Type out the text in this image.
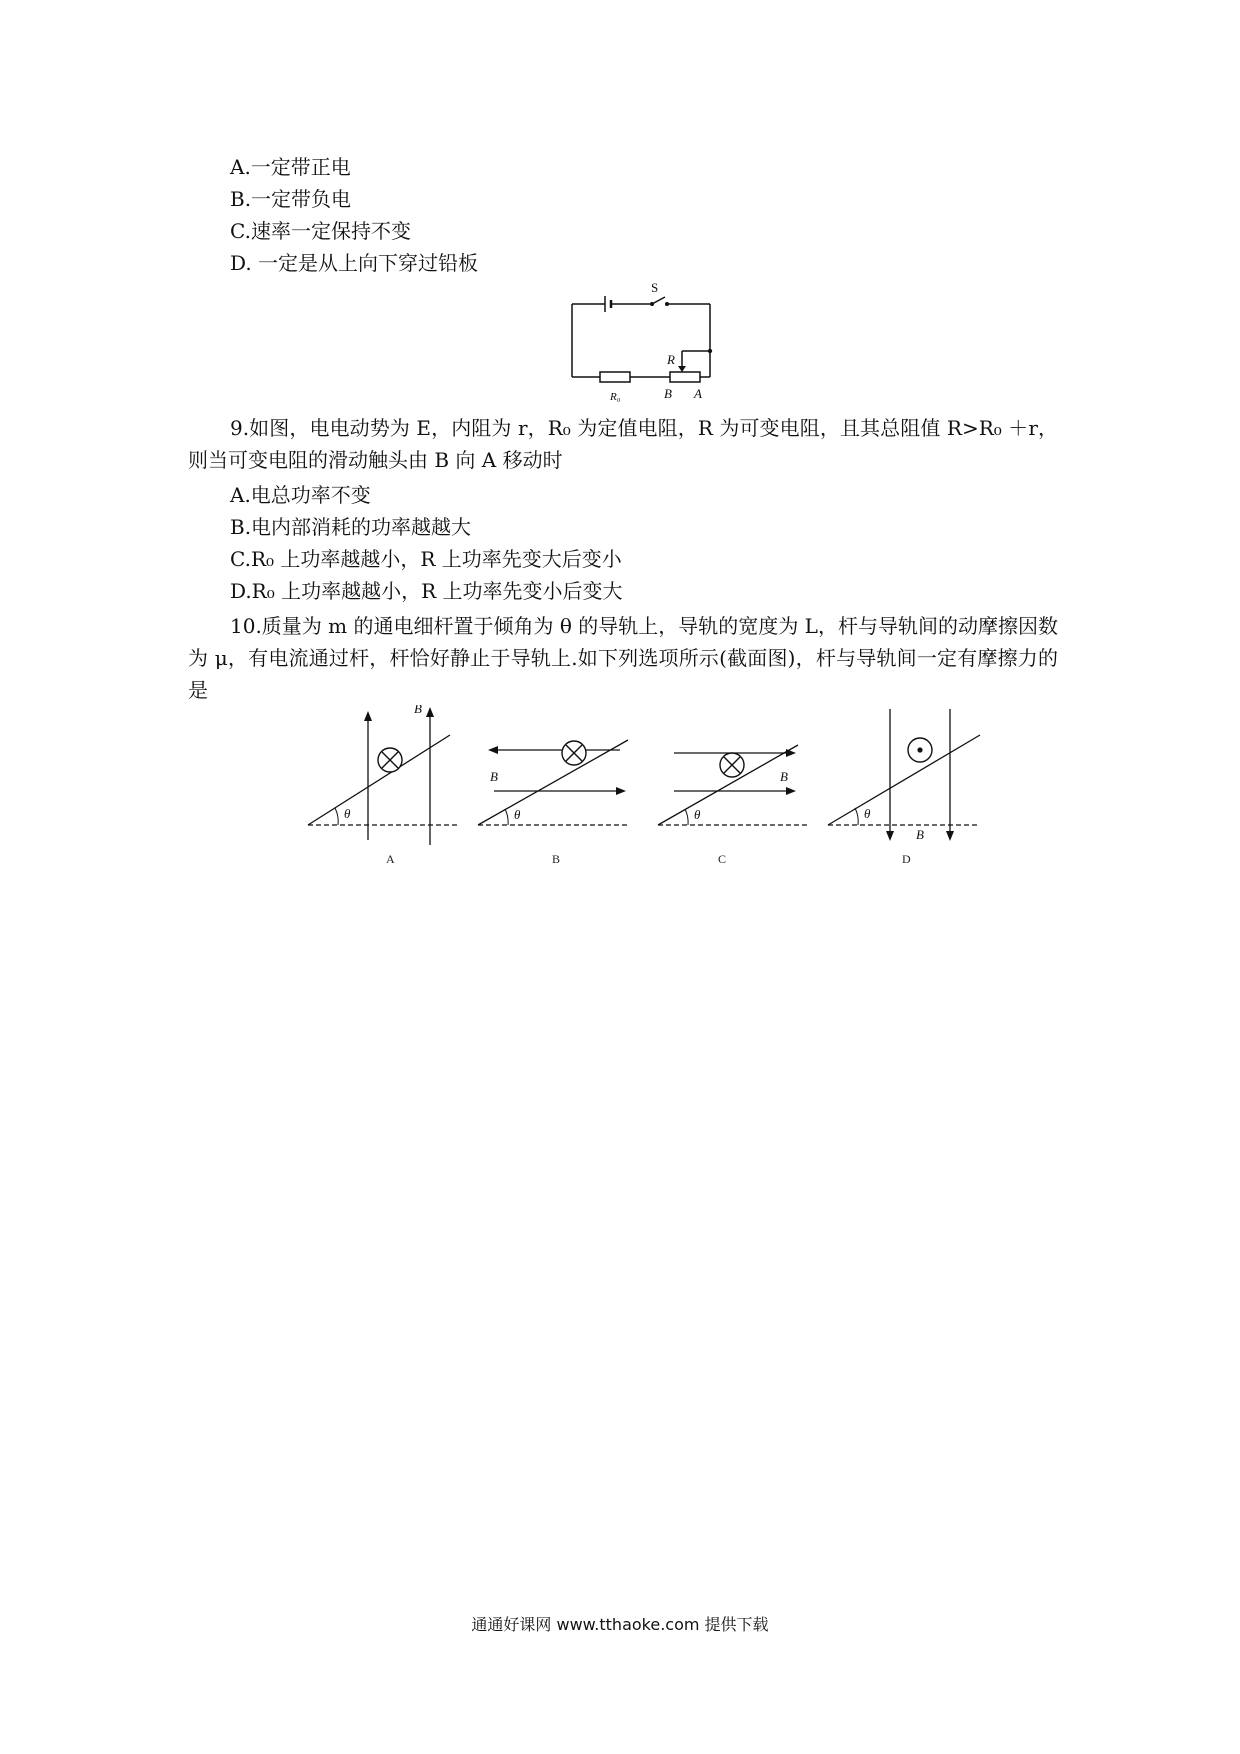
A.一定带正电
B.一定带负电
C.速率一定保持不变
D. 一定是从上向下穿过铅板
S
R
R₀	B A
9.如图，电电动势为 E，内阻为 r，R₀ 为定值电阻，R 为可变电阻，且其总阻值 R>R₀ ＋r，则当可变电阻的滑动触头由 B 向 A 移动时
A.电总功率不变
B.电内部消耗的功率越越大
C.R₀ 上功率越越小，R 上功率先变大后变小
D.R₀ 上功率越越小，R 上功率先变小后变大
10.质量为 m 的通电细杆置于倾角为 θ 的导轨上，导轨的宽度为 L，杆与导轨间的动摩擦因数为 μ，有电流通过杆，杆恰好静止于导轨上.如下列选项所示(截面图)，杆与导轨间一定有摩擦力的是
θ
B
A
θ
B
B
θ
B
C
θ
B
D
通通好课网 www.tthaoke.com 提供下载
